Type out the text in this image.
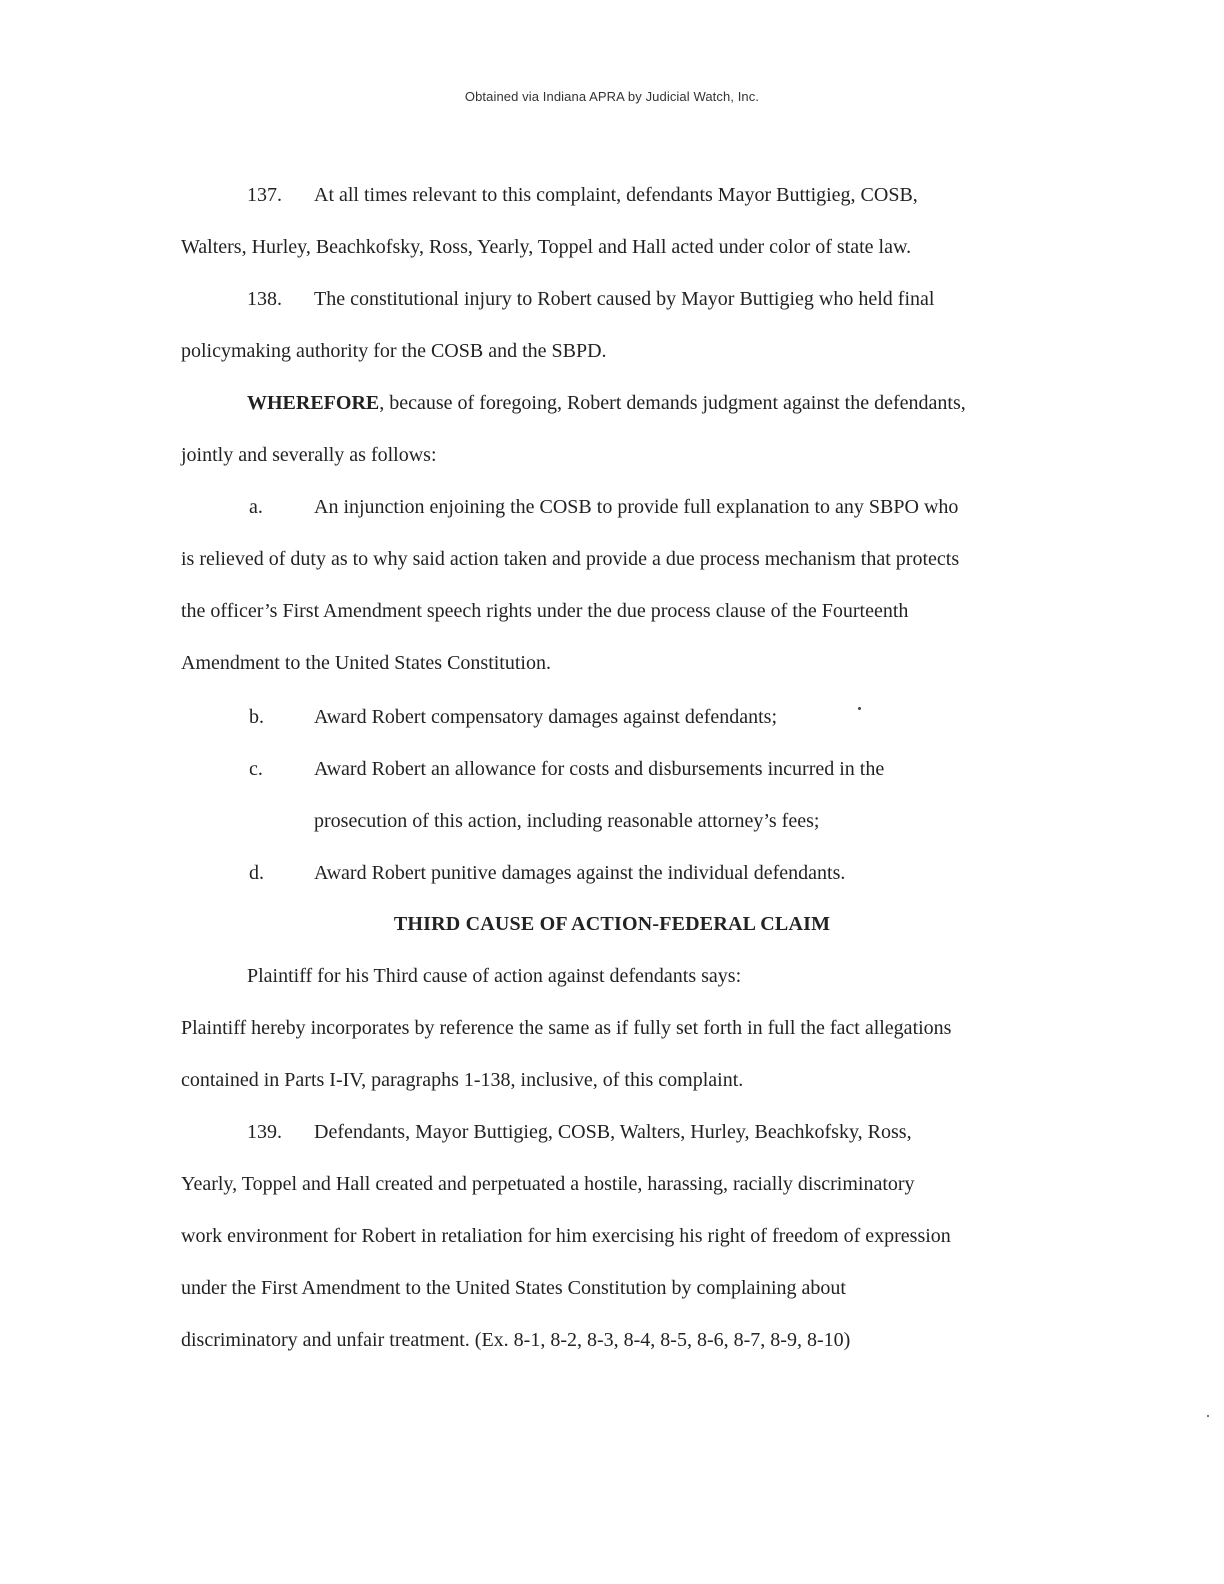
Obtained via Indiana APRA by Judicial Watch, Inc.
137. At all times relevant to this complaint, defendants Mayor Buttigieg, COSB,
Walters, Hurley, Beachkofsky, Ross, Yearly, Toppel and Hall acted under color of state law.
138. The constitutional injury to Robert caused by Mayor Buttigieg who held final
policymaking authority for the COSB and the SBPD.
WHEREFORE, because of foregoing, Robert demands judgment against the defendants,
jointly and severally as follows:
a.	An injunction enjoining the COSB to provide full explanation to any SBPO who
is relieved of duty as to why said action taken and provide a due process mechanism that protects
the officer’s First Amendment speech rights under the due process clause of the Fourteenth
Amendment to the United States Constitution.
b.	Award Robert compensatory damages against defendants;
c.	Award Robert an allowance for costs and disbursements incurred in the
prosecution of this action, including reasonable attorney’s fees;
d.	Award Robert punitive damages against the individual defendants.
THIRD CAUSE OF ACTION-FEDERAL CLAIM
Plaintiff for his Third cause of action against defendants says:
Plaintiff hereby incorporates by reference the same as if fully set forth in full the fact allegations
contained in Parts I-IV, paragraphs 1-138, inclusive, of this complaint.
139. Defendants, Mayor Buttigieg, COSB, Walters, Hurley, Beachkofsky, Ross,
Yearly, Toppel and Hall created and perpetuated a hostile, harassing, racially discriminatory
work environment for Robert in retaliation for him exercising his right of freedom of expression
under the First Amendment to the United States Constitution by complaining about
discriminatory and unfair treatment. (Ex. 8-1, 8-2, 8-3, 8-4, 8-5, 8-6, 8-7, 8-9, 8-10)
